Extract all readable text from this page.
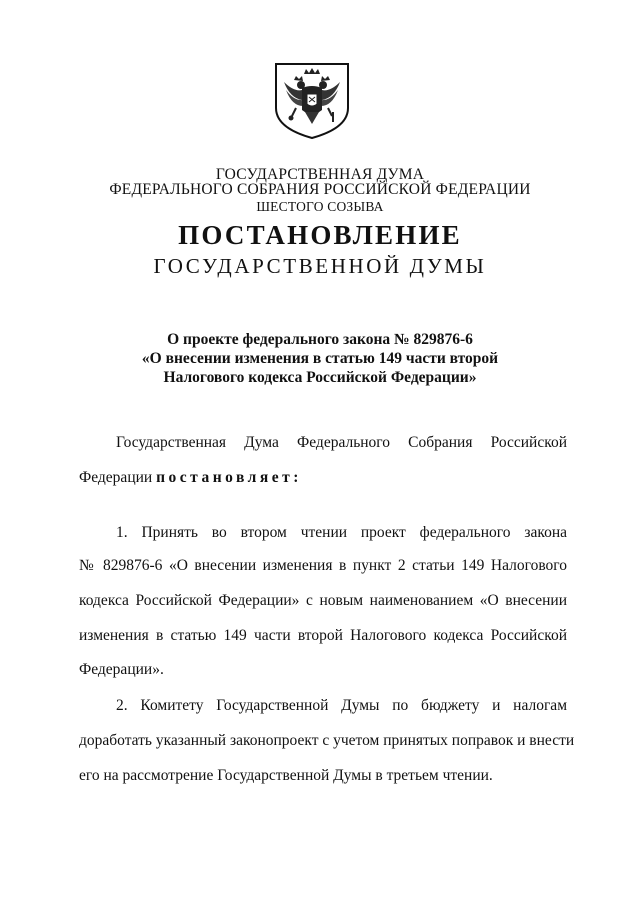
ГОСУДАРСТВЕННАЯ ДУМА
ФЕДЕРАЛЬНОГО СОБРАНИЯ РОССИЙСКОЙ ФЕДЕРАЦИИ
ШЕСТОГО СОЗЫВА
ПОСТАНОВЛЕНИЕ
ГОСУДАРСТВЕННОЙ ДУМЫ
О проекте федерального закона № 829876-6
«О внесении изменения в статью 149 части второй
Налогового кодекса Российской Федерации»
Государственная Дума Федерального Собрания Российской
Федерации постановляет:
1. Принять во втором чтении проект федерального закона
№ 829876-6 «О внесении изменения в пункт 2 статьи 149 Налогового
кодекса Российской Федерации» с новым наименованием «О внесении
изменения в статью 149 части второй Налогового кодекса Российской
Федерации».
2. Комитету Государственной Думы по бюджету и налогам
доработать указанный законопроект с учетом принятых поправок и внести
его на рассмотрение Государственной Думы в третьем чтении.
